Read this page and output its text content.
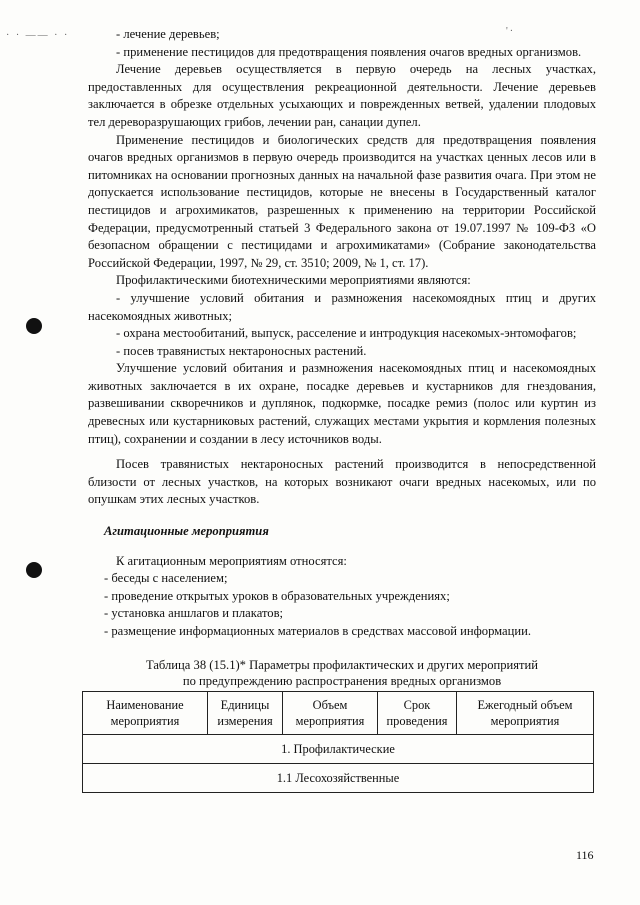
· · —— · ·	'·

- лечение деревьев;

- применение пестицидов для предотвращения появления очагов вредных организмов.

Лечение деревьев осуществляется в первую очередь на лесных участках, предоставленных для осуществления рекреационной деятельности. Лечение деревьев заключается в обрезке отдельных усыхающих и поврежденных ветвей, удалении плодовых тел дереворазрушающих грибов, лечении ран, санации дупел.

Применение пестицидов и биологических средств для предотвращения появления очагов вредных организмов в первую очередь производится на участках ценных лесов или в питомниках на основании прогнозных данных на начальной фазе развития очага. При этом не допускается использование пестицидов, которые не внесены в Государственный каталог пестицидов и агрохимикатов, разрешенных к применению на территории Российской Федерации, предусмотренный статьей 3 Федерального закона от 19.07.1997 № 109-ФЗ «О безопасном обращении с пестицидами и агрохимикатами» (Собрание законодательства Российской Федерации, 1997, № 29, ст. 3510; 2009, № 1, ст. 17).

Профилактическими биотехническими мероприятиями являются:

- улучшение условий обитания и размножения насекомоядных птиц и других насекомоядных животных;

- охрана местообитаний, выпуск, расселение и интродукция насекомых-энтомофагов;

- посев травянистых нектароносных растений.

Улучшение условий обитания и размножения насекомоядных птиц и насекомоядных животных заключается в их охране, посадке деревьев и кустарников для гнездования, развешивании скворечников и дуплянок, подкормке, посадке ремиз (полос или куртин из древесных или кустарниковых растений, служащих местами укрытия и кормления полезных птиц), сохранении и создании в лесу источников воды.

Посев травянистых нектароносных растений производится в непосредственной близости от лесных участков, на которых возникают очаги вредных насекомых, или по опушкам этих лесных участков.

Агитационные мероприятия

К агитационным мероприятиям относятся:

- беседы с населением;

- проведение открытых уроков в образовательных учреждениях;

- установка аншлагов и плакатов;

- размещение информационных материалов в средствах массовой информации.

Таблица 38 (15.1)* Параметры профилактических и других мероприятий
по предупреждению распространения вредных организмов
Наименование мероприятия	Единицы измерения	Объем мероприятия	Срок проведения	Ежегодный объем мероприятия
1. Профилактические
1.1 Лесохозяйственные
116
